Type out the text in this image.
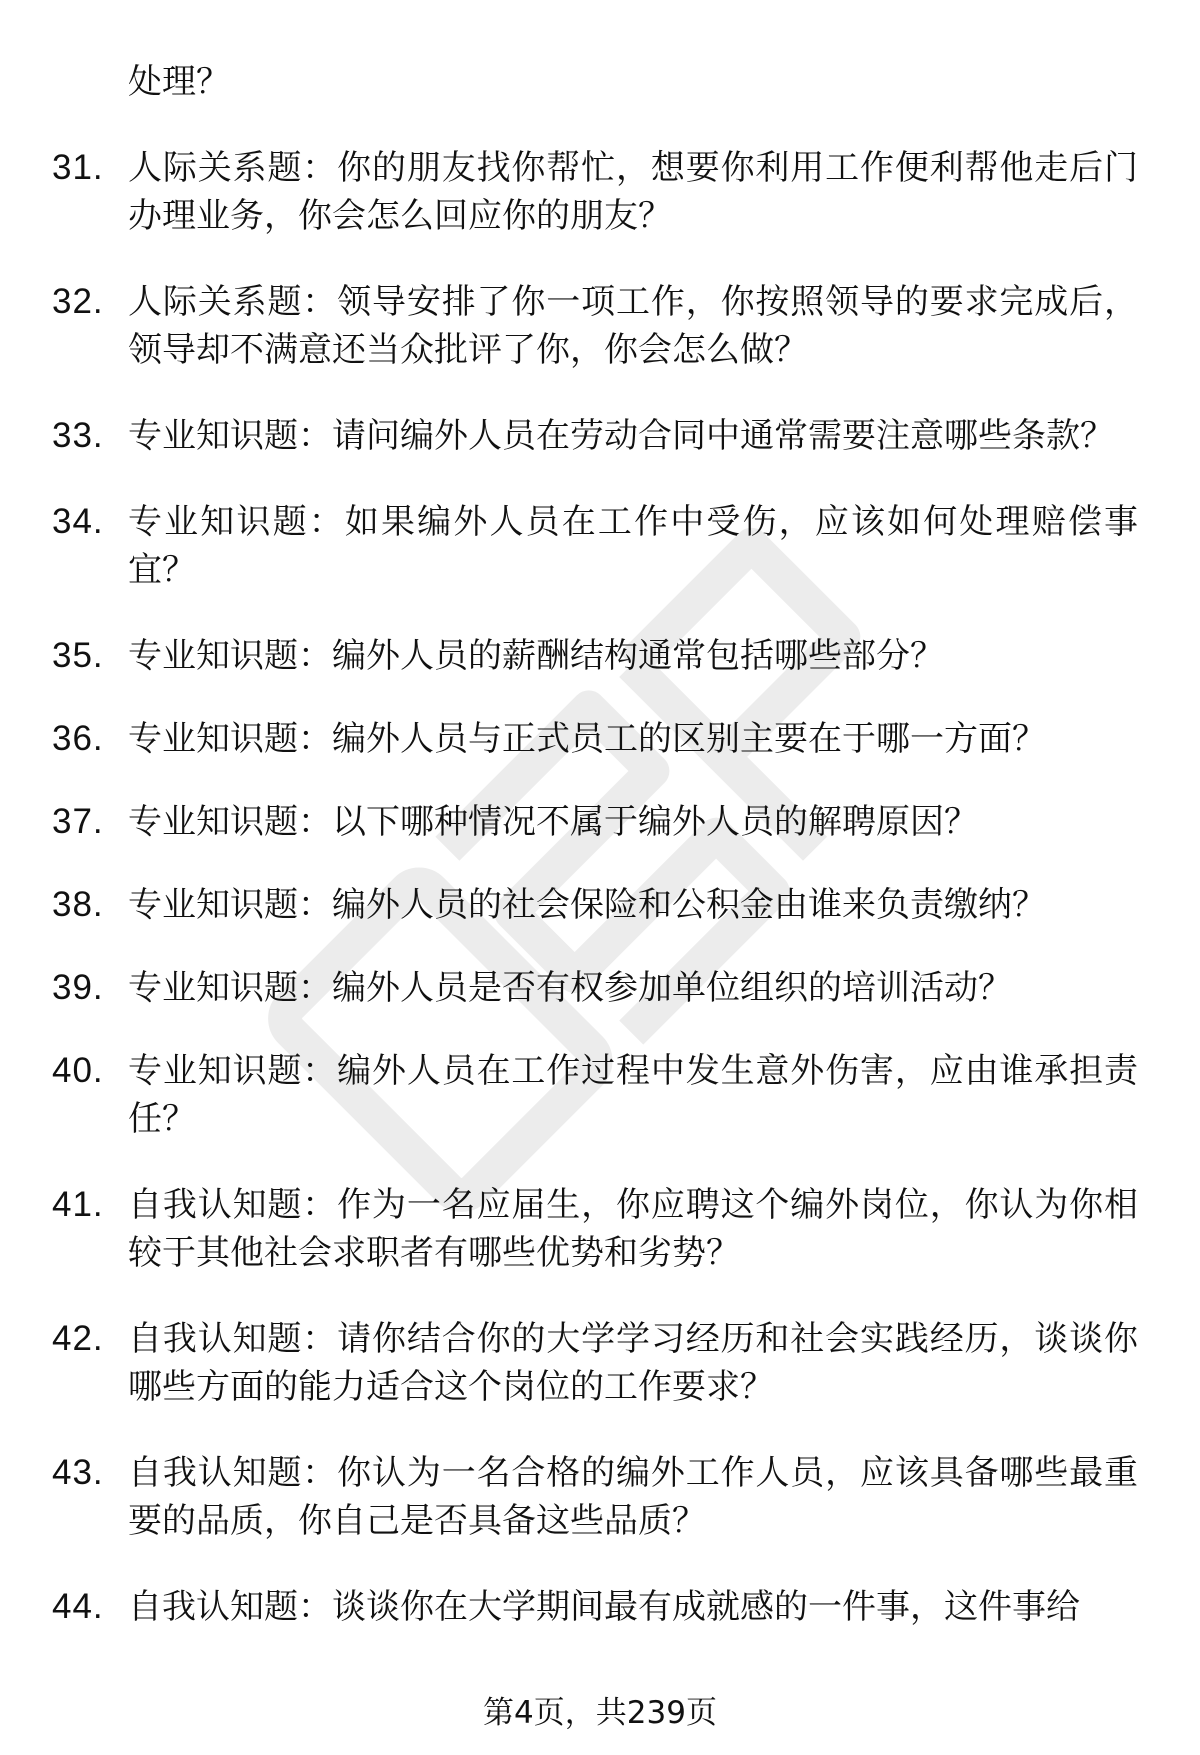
处理？
31. 人际关系题：你的朋友找你帮忙，想要你利用工作便利帮他走后门办理业务，你会怎么回应你的朋友？
32. 人际关系题：领导安排了你一项工作，你按照领导的要求完成后，领导却不满意还当众批评了你，你会怎么做？
33. 专业知识题：请问编外人员在劳动合同中通常需要注意哪些条款？
34. 专业知识题：如果编外人员在工作中受伤，应该如何处理赔偿事宜？
35. 专业知识题：编外人员的薪酬结构通常包括哪些部分？
36. 专业知识题：编外人员与正式员工的区别主要在于哪一方面？
37. 专业知识题：以下哪种情况不属于编外人员的解聘原因？
38. 专业知识题：编外人员的社会保险和公积金由谁来负责缴纳？
39. 专业知识题：编外人员是否有权参加单位组织的培训活动？
40. 专业知识题：编外人员在工作过程中发生意外伤害，应由谁承担责任？
41. 自我认知题：作为一名应届生，你应聘这个编外岗位，你认为你相较于其他社会求职者有哪些优势和劣势？
42. 自我认知题：请你结合你的大学学习经历和社会实践经历，谈谈你哪些方面的能力适合这个岗位的工作要求？
43. 自我认知题：你认为一名合格的编外工作人员，应该具备哪些最重要的品质，你自己是否具备这些品质？
44. 自我认知题：谈谈你在大学期间最有成就感的一件事，这件事给
第4页，共239页
